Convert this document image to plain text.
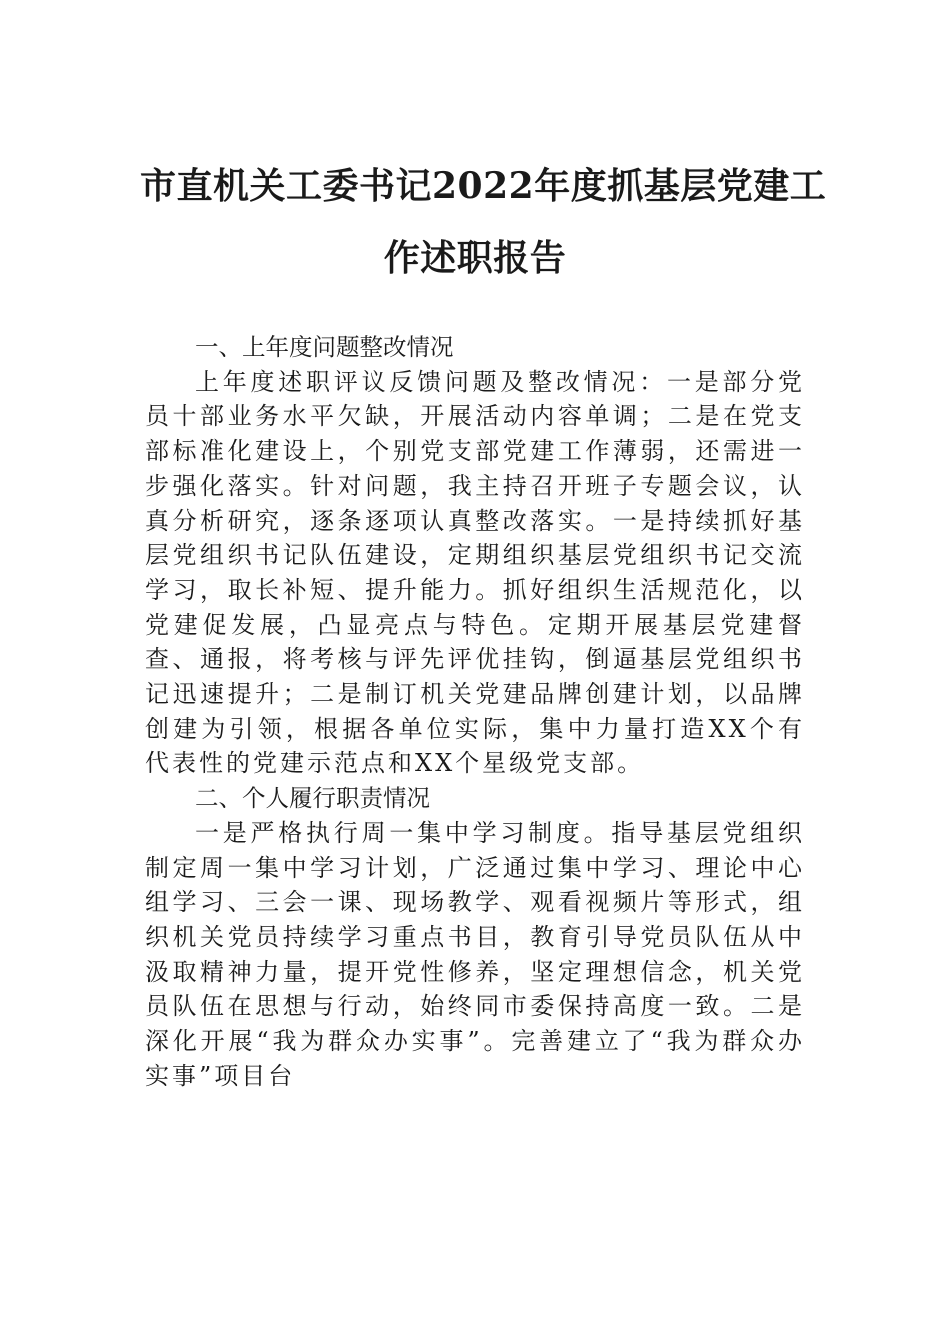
市直机关工委书记2022年度抓基层党建工
作述职报告

一、上年度问题整改情况

上年度述职评议反馈问题及整改情况：一是部分党员十部业务水平欠缺，开展活动内容单调；二是在党支部标准化建设上，个别党支部党建工作薄弱，还需进一步强化落实。针对问题，我主持召开班子专题会议，认真分析研究，逐条逐项认真整改落实。一是持续抓好基层党组织书记队伍建设，定期组织基层党组织书记交流学习，取长补短、提升能力。抓好组织生活规范化，以党建促发展，凸显亮点与特色。定期开展基层党建督查、通报，将考核与评先评优挂钩，倒逼基层党组织书记迅速提升；二是制订机关党建品牌创建计划，以品牌创建为引领，根据各单位实际，集中力量打造XX个有代表性的党建示范点和XX个星级党支部。

二、个人履行职责情况

一是严格执行周一集中学习制度。指导基层党组织制定周一集中学习计划，广泛通过集中学习、理论中心组学习、三会一课、现场教学、观看视频片等形式，组织机关党员持续学习重点书目，教育引导党员队伍从中汲取精神力量，提开党性修养，坚定理想信念，机关党员队伍在思想与行动，始终同市委保持高度一致。二是深化开展“我为群众办实事”。完善建立了“我为群众办实事”项目台
